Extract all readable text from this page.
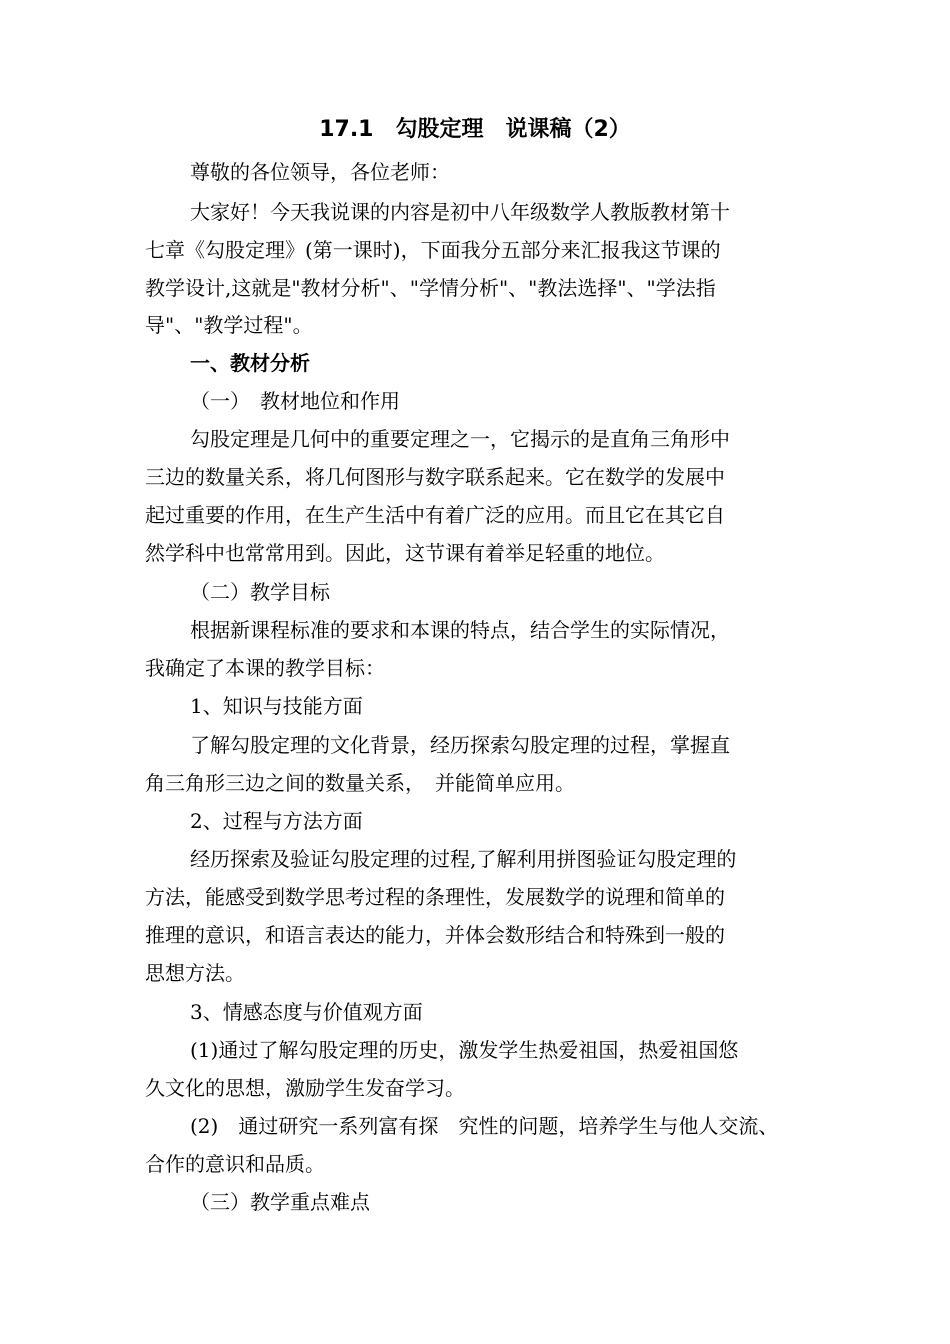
17.1　勾股定理　说课稿（2）
尊敬的各位领导，各位老师：
大家好！今天我说课的内容是初中八年级数学人教版教材第十
七章《勾股定理》(第一课时)，下面我分五部分来汇报我这节课的
教学设计,这就是"教材分析"、"学情分析"、"教法选择"、"学法指
导"、"教学过程"。
一、教材分析
（一）　教材地位和作用
勾股定理是几何中的重要定理之一，它揭示的是直角三角形中
三边的数量关系，将几何图形与数字联系起来。它在数学的发展中
起过重要的作用，在生产生活中有着广泛的应用。而且它在其它自
然学科中也常常用到。因此，这节课有着举足轻重的地位。
（二）教学目标
根据新课程标准的要求和本课的特点，结合学生的实际情况，
我确定了本课的教学目标：
1、知识与技能方面
了解勾股定理的文化背景，经历探索勾股定理的过程，掌握直
角三角形三边之间的数量关系，　并能简单应用。
2、过程与方法方面
经历探索及验证勾股定理的过程,了解利用拼图验证勾股定理的
方法，能感受到数学思考过程的条理性，发展数学的说理和简单的
推理的意识，和语言表达的能力，并体会数形结合和特殊到一般的
思想方法。
3、情感态度与价值观方面
(1)通过了解勾股定理的历史，激发学生热爱祖国，热爱祖国悠
久文化的思想，激励学生发奋学习。
(2)　通过研究一系列富有探　究性的问题，培养学生与他人交流、
合作的意识和品质。
（三）教学重点难点
